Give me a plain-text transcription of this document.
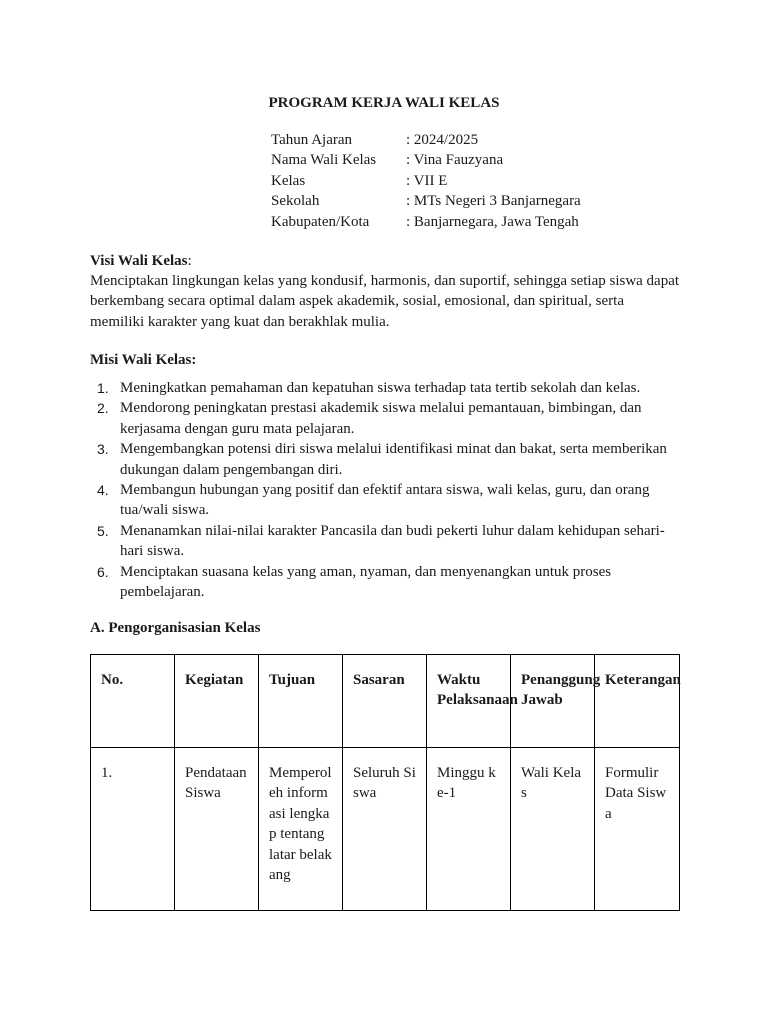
PROGRAM KERJA WALI KELAS
Tahun Ajaran	: 2024/2025
Nama Wali Kelas	: Vina Fauzyana
Kelas	: VII E
Sekolah	: MTs Negeri 3 Banjarnegara
Kabupaten/Kota	: Banjarnegara, Jawa Tengah
Visi Wali Kelas:
Menciptakan lingkungan kelas yang kondusif, harmonis, dan suportif, sehingga setiap siswa dapat berkembang secara optimal dalam aspek akademik, sosial, emosional, dan spiritual, serta memiliki karakter yang kuat dan berakhlak mulia.
Misi Wali Kelas:
1. Meningkatkan pemahaman dan kepatuhan siswa terhadap tata tertib sekolah dan kelas.
2. Mendorong peningkatan prestasi akademik siswa melalui pemantauan, bimbingan, dan kerjasama dengan guru mata pelajaran.
3. Mengembangkan potensi diri siswa melalui identifikasi minat dan bakat, serta memberikan dukungan dalam pengembangan diri.
4. Membangun hubungan yang positif dan efektif antara siswa, wali kelas, guru, dan orang tua/wali siswa.
5. Menanamkan nilai-nilai karakter Pancasila dan budi pekerti luhur dalam kehidupan sehari-hari siswa.
6. Menciptakan suasana kelas yang aman, nyaman, dan menyenangkan untuk proses pembelajaran.
A. Pengorganisasian Kelas
No.	Kegiatan	Tujuan	Sasaran	Waktu Pelaksanaan	Penanggung Jawab	Keterangan
1.	Pendataan Siswa	Memperoleh informasi lengkap tentang latar belakang	Seluruh Siswa	Minggu ke-1	Wali Kelas	Formulir Data Siswa
